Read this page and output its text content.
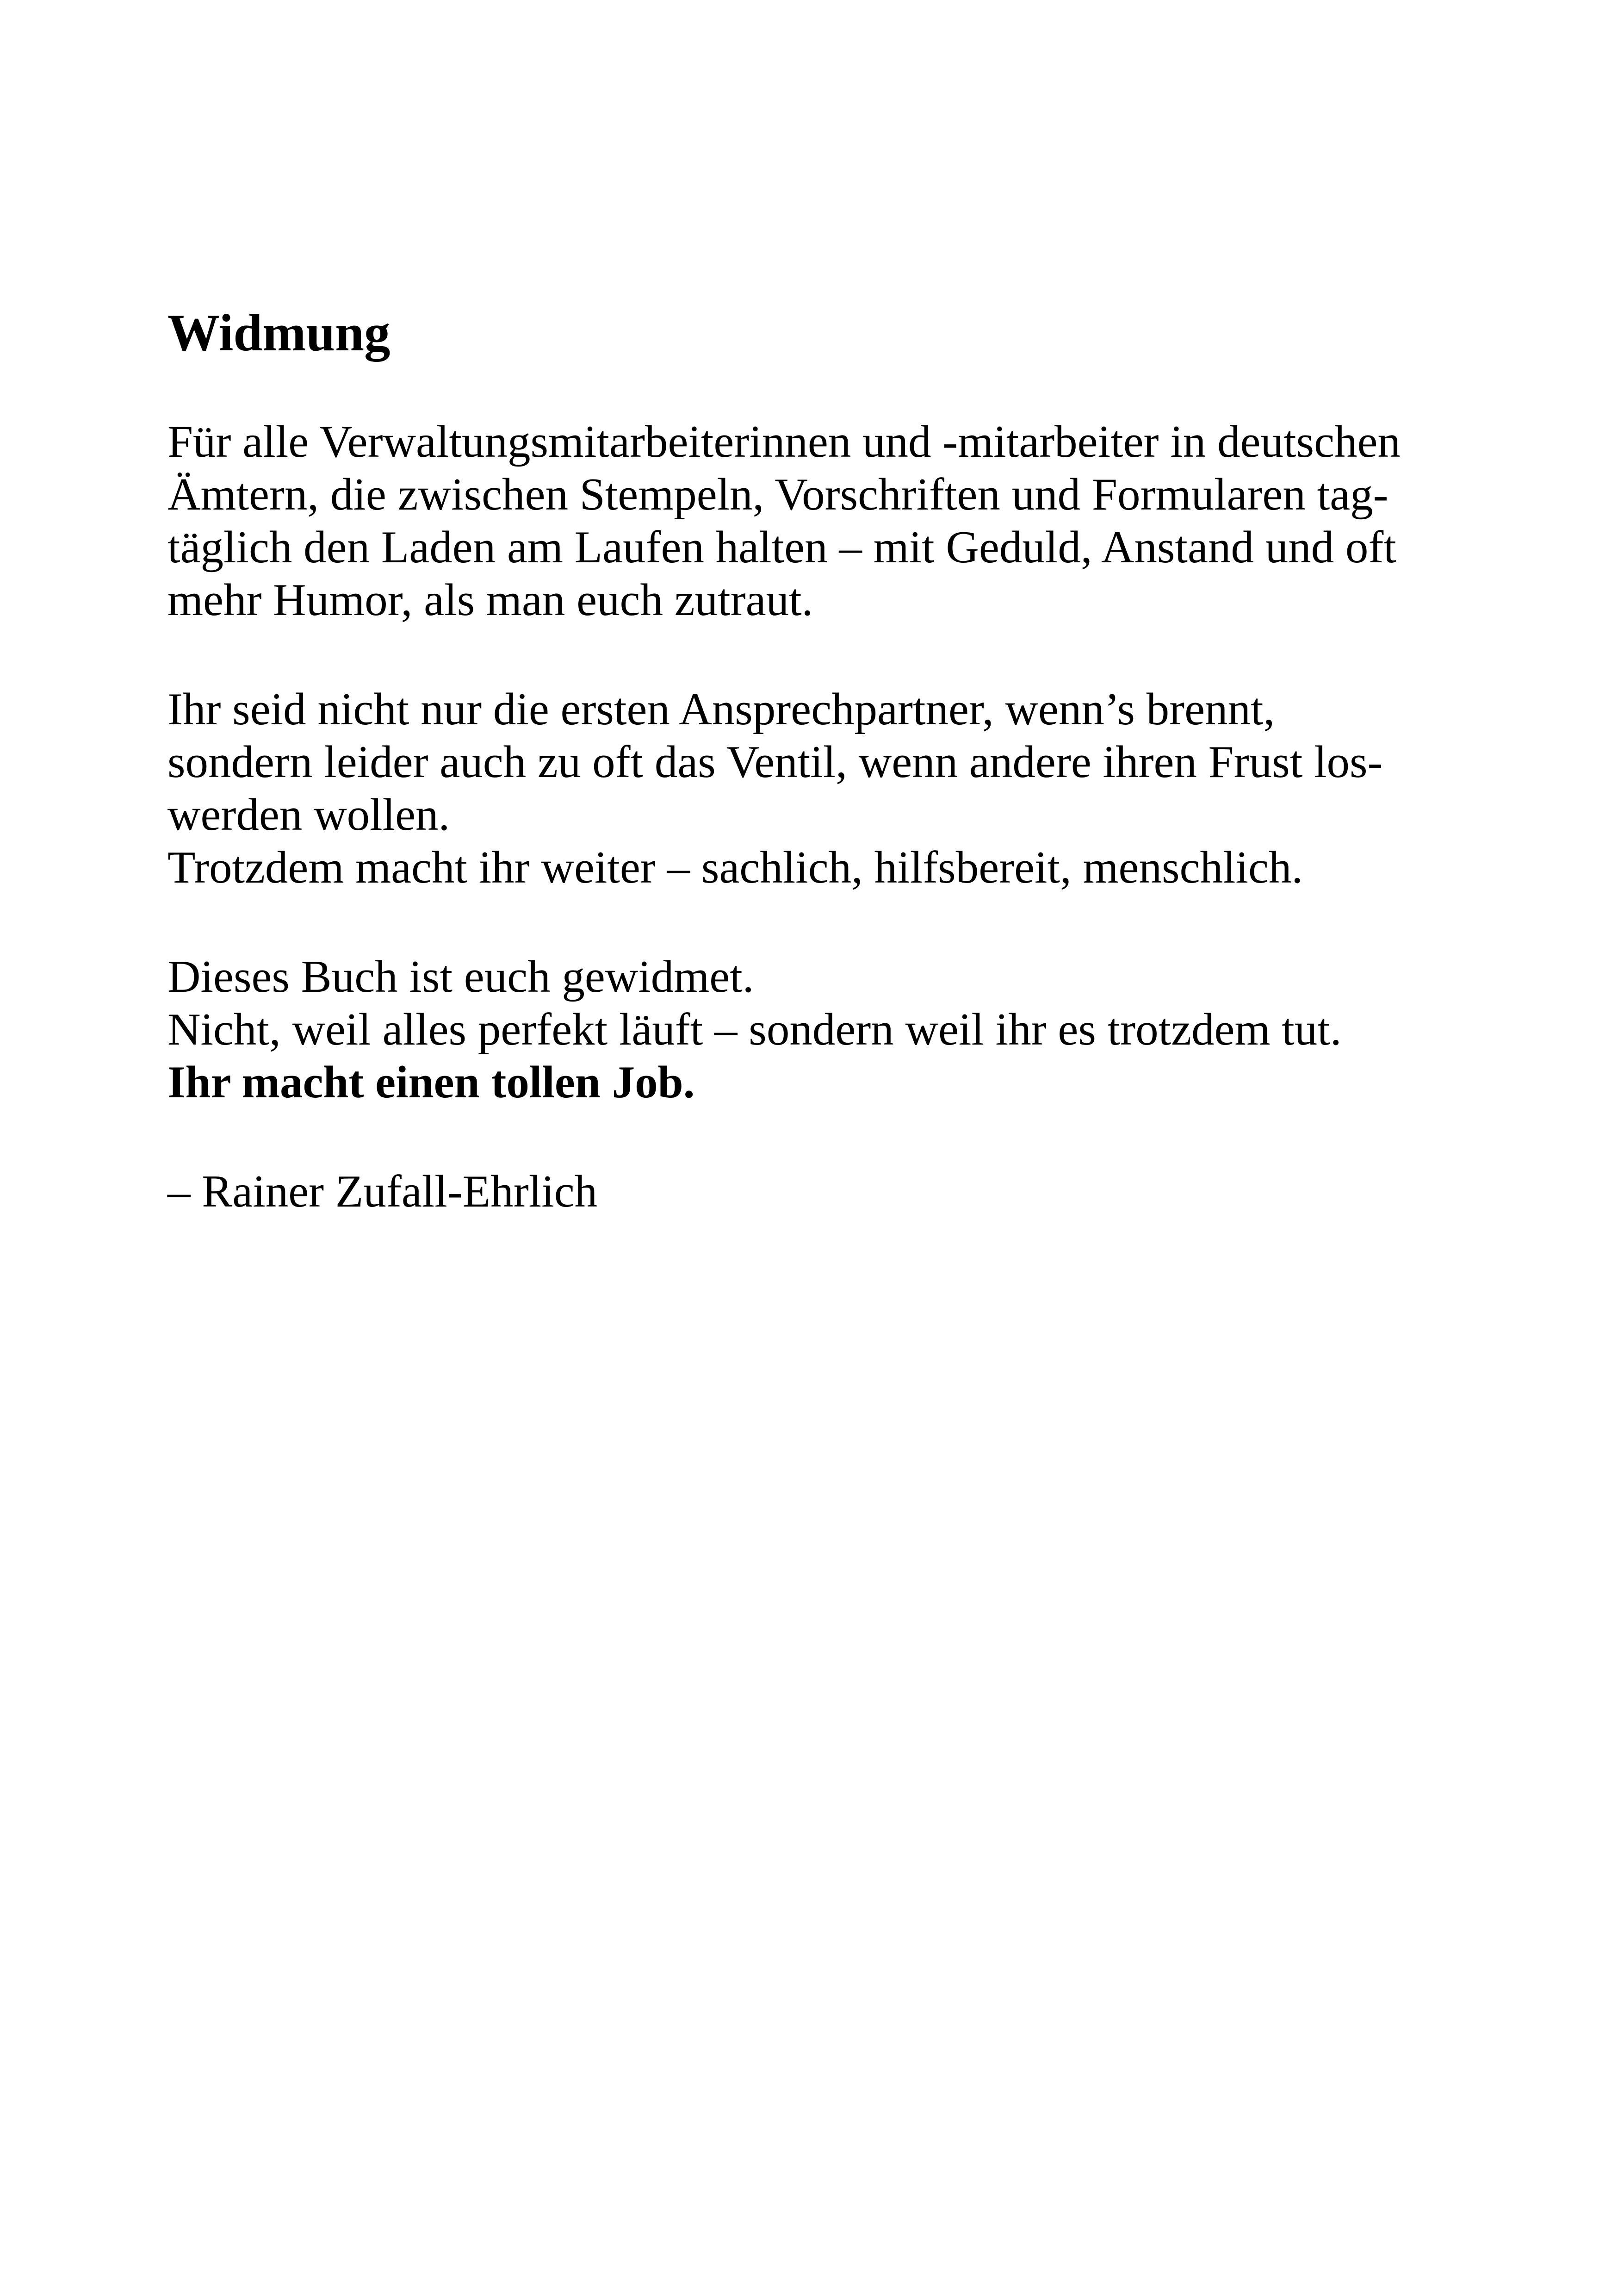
Widmung
Für alle Verwaltungsmitarbeiterinnen und -mitarbeiter in deutschen
Ämtern, die zwischen Stempeln, Vorschriften und Formularen tag-
täglich den Laden am Laufen halten – mit Geduld, Anstand und oft
mehr Humor, als man euch zutraut.
Ihr seid nicht nur die ersten Ansprechpartner, wenn’s brennt,
sondern leider auch zu oft das Ventil, wenn andere ihren Frust los-
werden wollen.
Trotzdem macht ihr weiter – sachlich, hilfsbereit, menschlich.
Dieses Buch ist euch gewidmet.
Nicht, weil alles perfekt läuft – sondern weil ihr es trotzdem tut.
Ihr macht einen tollen Job.
– Rainer Zufall-Ehrlich
